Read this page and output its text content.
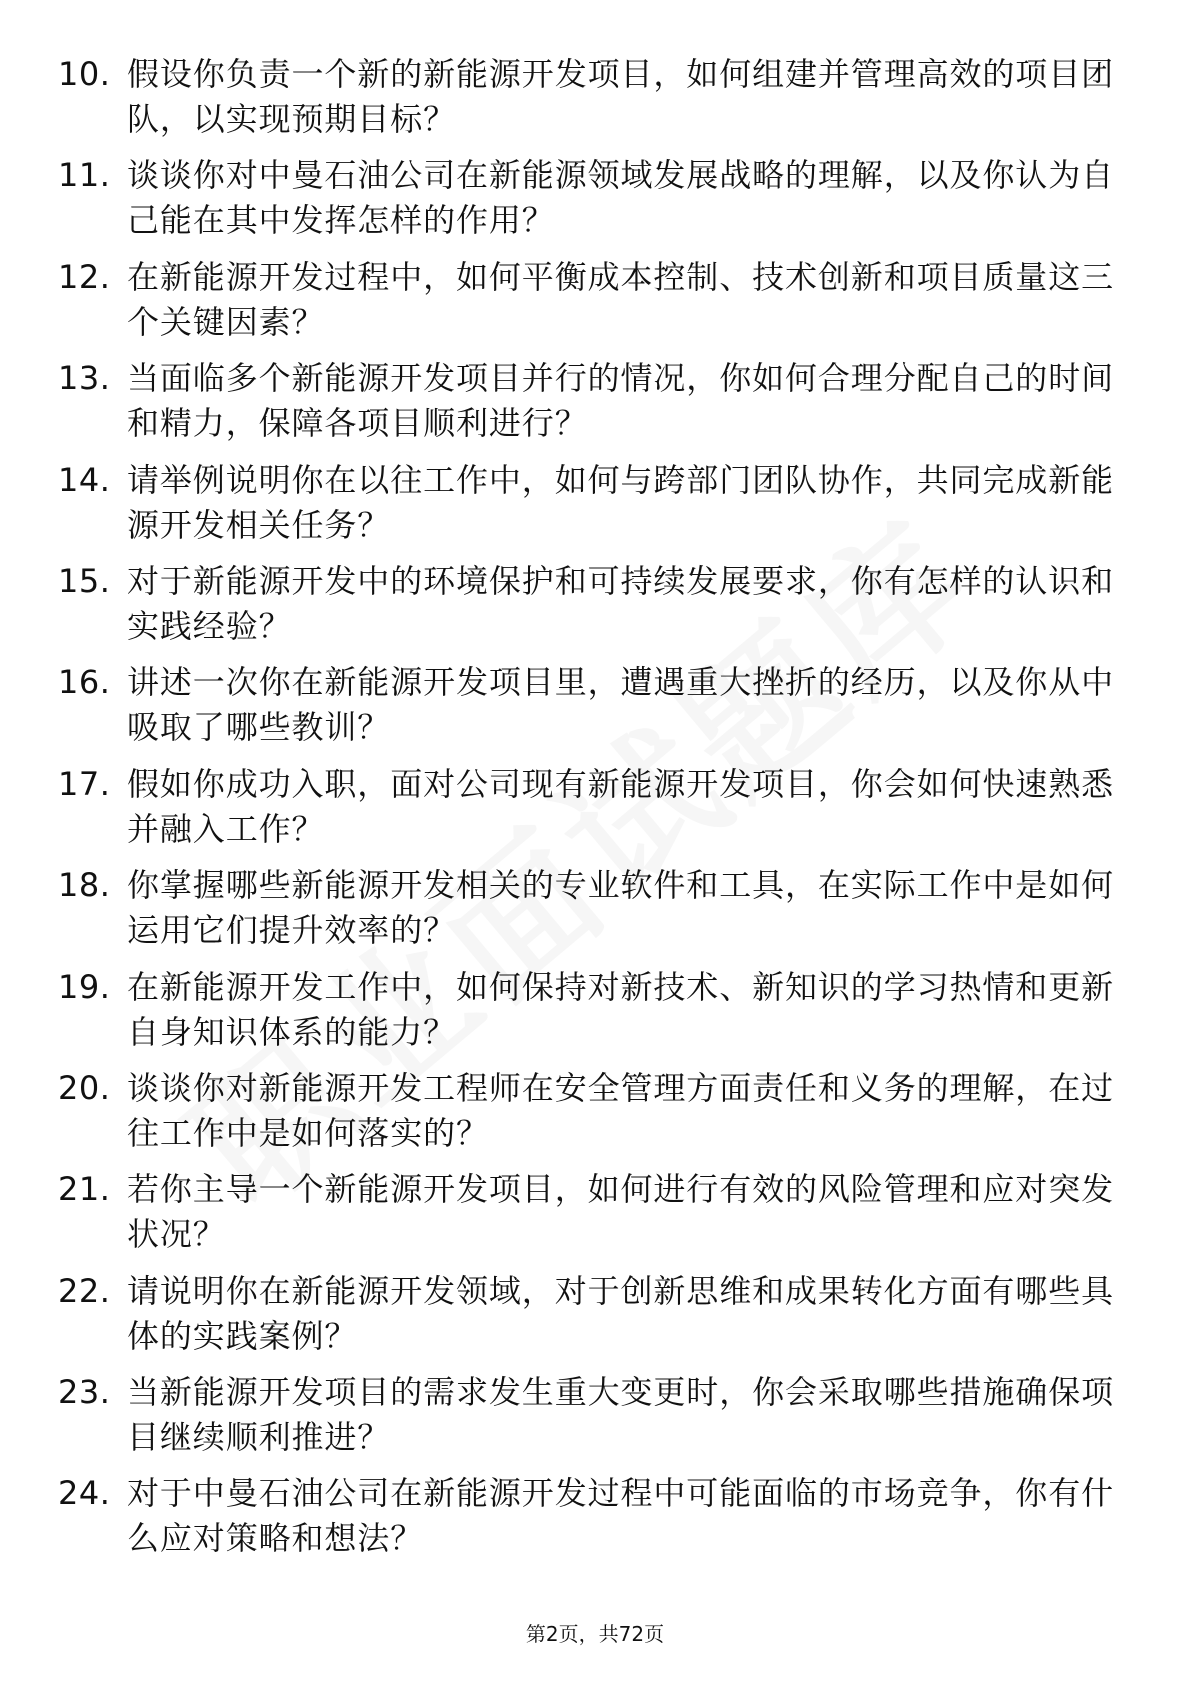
10. 假设你负责一个新的新能源开发项目，如何组建并管理高效的项目团队，以实现预期目标？
11. 谈谈你对中曼石油公司在新能源领域发展战略的理解，以及你认为自己能在其中发挥怎样的作用？
12. 在新能源开发过程中，如何平衡成本控制、技术创新和项目质量这三个关键因素？
13. 当面临多个新能源开发项目并行的情况，你如何合理分配自己的时间和精力，保障各项目顺利进行？
14. 请举例说明你在以往工作中，如何与跨部门团队协作，共同完成新能源开发相关任务？
15. 对于新能源开发中的环境保护和可持续发展要求，你有怎样的认识和实践经验？
16. 讲述一次你在新能源开发项目里，遭遇重大挫折的经历，以及你从中吸取了哪些教训？
17. 假如你成功入职，面对公司现有新能源开发项目，你会如何快速熟悉并融入工作？
18. 你掌握哪些新能源开发相关的专业软件和工具，在实际工作中是如何运用它们提升效率的？
19. 在新能源开发工作中，如何保持对新技术、新知识的学习热情和更新自身知识体系的能力？
20. 谈谈你对新能源开发工程师在安全管理方面责任和义务的理解，在过往工作中是如何落实的？
21. 若你主导一个新能源开发项目，如何进行有效的风险管理和应对突发状况？
22. 请说明你在新能源开发领域，对于创新思维和成果转化方面有哪些具体的实践案例？
23. 当新能源开发项目的需求发生重大变更时，你会采取哪些措施确保项目继续顺利推进？
24. 对于中曼石油公司在新能源开发过程中可能面临的市场竞争，你有什么应对策略和想法？
第2页，共72页
